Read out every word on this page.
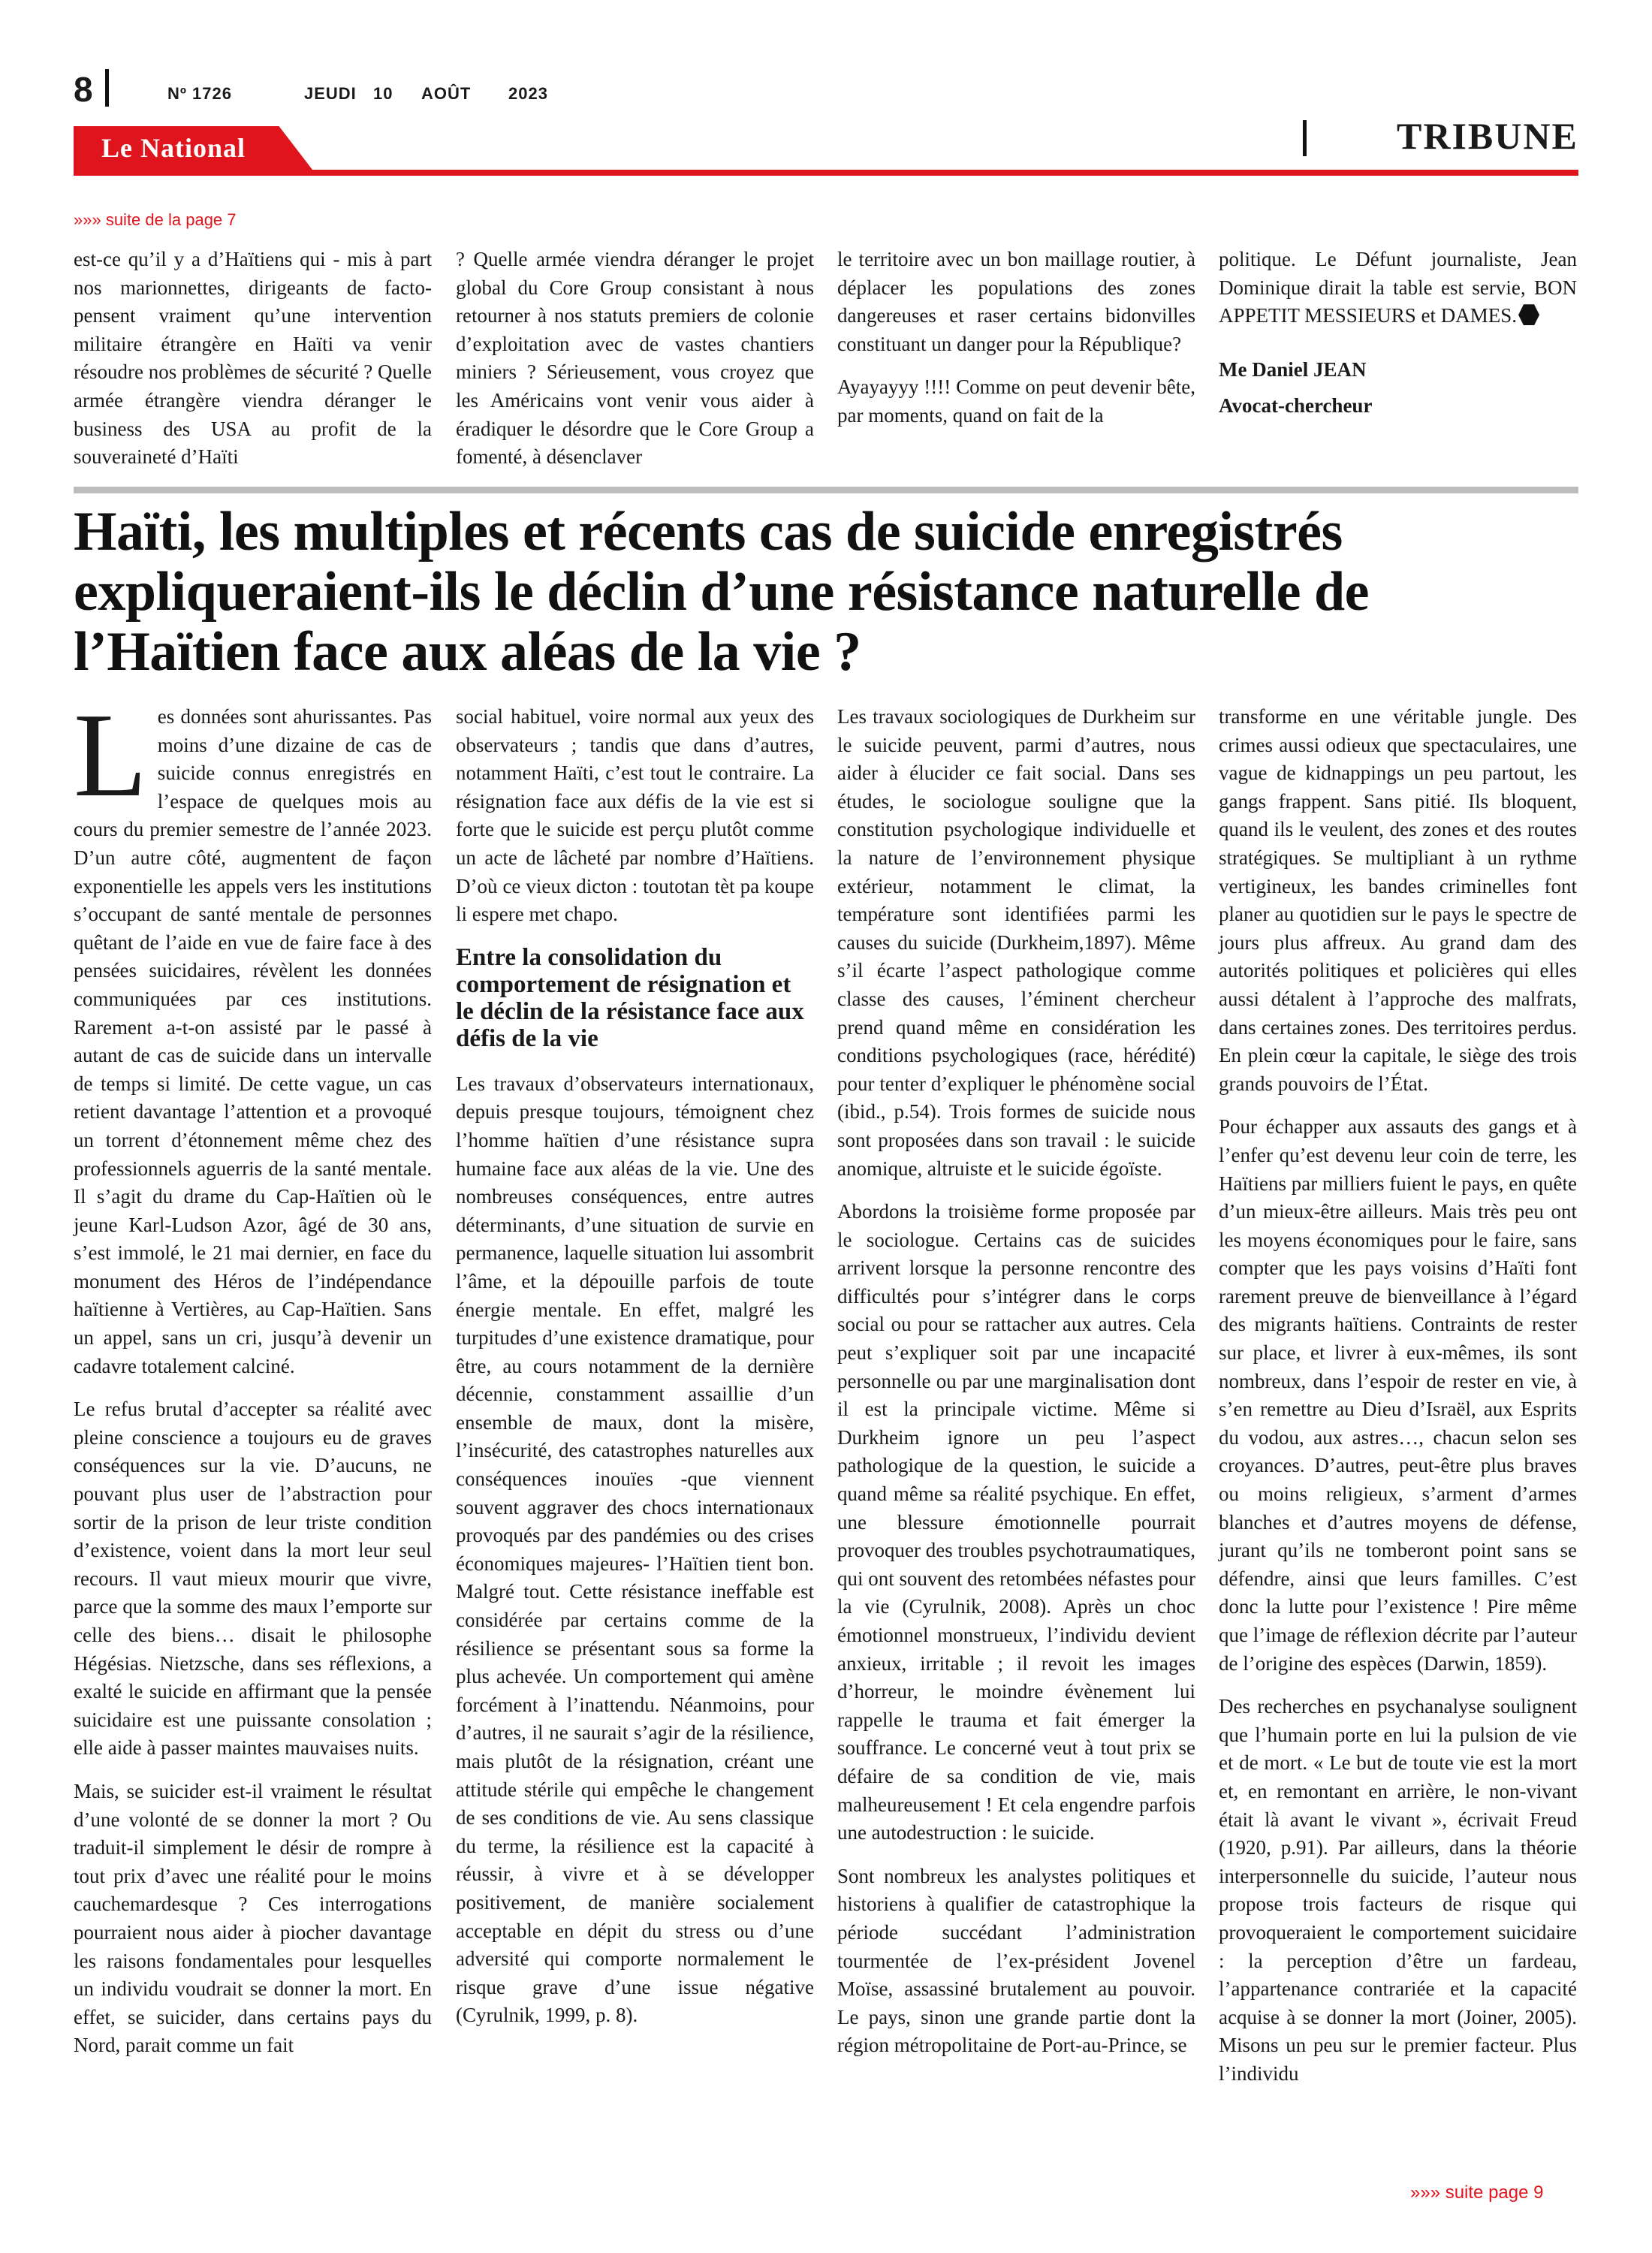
8	Nº 1726	JEUDI 10 AOÛT 2023
Le National	TRIBUNE
»»» suite de la page 7

est-ce qu’il y a d’Haïtiens qui - mis à part nos marionnettes, dirigeants de facto- pensent vraiment qu’une intervention militaire étrangère en Haïti va venir résoudre nos problèmes de sécurité ? Quelle armée étrangère viendra déranger le business des USA au profit de la souveraineté d’Haïti

? Quelle armée viendra déranger le projet global du Core Group consistant à nous retourner à nos statuts premiers de colonie d’exploitation avec de vastes chantiers miniers ? Sérieusement, vous croyez que les Américains vont venir vous aider à éradiquer le désordre que le Core Group a fomenté, à désenclaver

le territoire avec un bon maillage routier, à déplacer les populations des zones dangereuses et raser certains bidonvilles constituant un danger pour la République?

Ayayayyy !!!! Comme on peut devenir bête, par moments, quand on fait de la

politique. Le Défunt journaliste, Jean Dominique dirait la table est servie, BON APPETIT MESSIEURS et DAMES.

Me Daniel JEAN
Avocat-chercheur
Haïti, les multiples et récents cas de suicide enregistrés expliqueraient-ils le déclin d’une résistance naturelle de l’Haïtien face aux aléas de la vie ?

Les données sont ahurissantes. Pas moins d’une dizaine de cas de suicide connus enregistrés en l’espace de quelques mois au cours du premier semestre de l’année 2023. D’un autre côté, augmentent de façon exponentielle les appels vers les institutions s’occupant de santé mentale de personnes quêtant de l’aide en vue de faire face à des pensées suicidaires, révèlent les données communiquées par ces institutions. Rarement a-t-on assisté par le passé à autant de cas de suicide dans un intervalle de temps si limité. De cette vague, un cas retient davantage l’attention et a provoqué un torrent d’étonnement même chez des professionnels aguerris de la santé mentale. Il s’agit du drame du Cap-Haïtien où le jeune Karl-Ludson Azor, âgé de 30 ans, s’est immolé, le 21 mai dernier, en face du monument des Héros de l’indépendance haïtienne à Vertières, au Cap-Haïtien. Sans un appel, sans un cri, jusqu’à devenir un cadavre totalement calciné.

Le refus brutal d’accepter sa réalité avec pleine conscience a toujours eu de graves conséquences sur la vie. D’aucuns, ne pouvant plus user de l’abstraction pour sortir de la prison de leur triste condition d’existence, voient dans la mort leur seul recours. Il vaut mieux mourir que vivre, parce que la somme des maux l’emporte sur celle des biens… disait le philosophe Hégésias. Nietzsche, dans ses réflexions, a exalté le suicide en affirmant que la pensée suicidaire est une puissante consolation ; elle aide à passer maintes mauvaises nuits.

Mais, se suicider est-il vraiment le résultat d’une volonté de se donner la mort ? Ou traduit-il simplement le désir de rompre à tout prix d’avec une réalité pour le moins cauchemardesque ? Ces interrogations pourraient nous aider à piocher davantage les raisons fondamentales pour lesquelles un individu voudrait se donner la mort. En effet, se suicider, dans certains pays du Nord, parait comme un fait

social habituel, voire normal aux yeux des observateurs ; tandis que dans d’autres, notamment Haïti, c’est tout le contraire. La résignation face aux défis de la vie est si forte que le suicide est perçu plutôt comme un acte de lâcheté par nombre d’Haïtiens. D’où ce vieux dicton : toutotan tèt pa koupe li espere met chapo.

Entre la consolidation du comportement de résignation et le déclin de la résistance face aux défis de la vie

Les travaux d’observateurs internationaux, depuis presque toujours, témoignent chez l’homme haïtien d’une résistance supra humaine face aux aléas de la vie. Une des nombreuses conséquences, entre autres déterminants, d’une situation de survie en permanence, laquelle situation lui assombrit l’âme, et la dépouille parfois de toute énergie mentale. En effet, malgré les turpitudes d’une existence dramatique, pour être, au cours notamment de la dernière décennie, constamment assaillie d’un ensemble de maux, dont la misère, l’insécurité, des catastrophes naturelles aux conséquences inouïes -que viennent souvent aggraver des chocs internationaux provoqués par des pandémies ou des crises économiques majeures- l’Haïtien tient bon. Malgré tout. Cette résistance ineffable est considérée par certains comme de la résilience se présentant sous sa forme la plus achevée. Un comportement qui amène forcément à l’inattendu. Néanmoins, pour d’autres, il ne saurait s’agir de la résilience, mais plutôt de la résignation, créant une attitude stérile qui empêche le changement de ses conditions de vie. Au sens classique du terme, la résilience est la capacité à réussir, à vivre et à se développer positivement, de manière socialement acceptable en dépit du stress ou d’une adversité qui comporte normalement le risque grave d’une issue négative (Cyrulnik, 1999, p. 8).

Les travaux sociologiques de Durkheim sur le suicide peuvent, parmi d’autres, nous aider à élucider ce fait social. Dans ses études, le sociologue souligne que la constitution psychologique individuelle et la nature de l’environnement physique extérieur, notamment le climat, la température sont identifiées parmi les causes du suicide (Durkheim,1897). Même s’il écarte l’aspect pathologique comme classe des causes, l’éminent chercheur prend quand même en considération les conditions psychologiques (race, hérédité) pour tenter d’expliquer le phénomène social (ibid., p.54). Trois formes de suicide nous sont proposées dans son travail : le suicide anomique, altruiste et le suicide égoïste.

Abordons la troisième forme proposée par le sociologue. Certains cas de suicides arrivent lorsque la personne rencontre des difficultés pour s’intégrer dans le corps social ou pour se rattacher aux autres. Cela peut s’expliquer soit par une incapacité personnelle ou par une marginalisation dont il est la principale victime. Même si Durkheim ignore un peu l’aspect pathologique de la question, le suicide a quand même sa réalité psychique. En effet, une blessure émotionnelle pourrait provoquer des troubles psychotraumatiques, qui ont souvent des retombées néfastes pour la vie (Cyrulnik, 2008). Après un choc émotionnel monstrueux, l’individu devient anxieux, irritable ; il revoit les images d’horreur, le moindre évènement lui rappelle le trauma et fait émerger la souffrance. Le concerné veut à tout prix se défaire de sa condition de vie, mais malheureusement ! Et cela engendre parfois une autodestruction : le suicide.

Sont nombreux les analystes politiques et historiens à qualifier de catastrophique la période succédant l’administration tourmentée de l’ex-président Jovenel Moïse, assassiné brutalement au pouvoir. Le pays, sinon une grande partie dont la région métropolitaine de Port-au-Prince, se

transforme en une véritable jungle. Des crimes aussi odieux que spectaculaires, une vague de kidnappings un peu partout, les gangs frappent. Sans pitié. Ils bloquent, quand ils le veulent, des zones et des routes stratégiques. Se multipliant à un rythme vertigineux, les bandes criminelles font planer au quotidien sur le pays le spectre de jours plus affreux. Au grand dam des autorités politiques et policières qui elles aussi détalent à l’approche des malfrats, dans certaines zones. Des territoires perdus. En plein cœur la capitale, le siège des trois grands pouvoirs de l’État.

Pour échapper aux assauts des gangs et à l’enfer qu’est devenu leur coin de terre, les Haïtiens par milliers fuient le pays, en quête d’un mieux-être ailleurs. Mais très peu ont les moyens économiques pour le faire, sans compter que les pays voisins d’Haïti font rarement preuve de bienveillance à l’égard des migrants haïtiens. Contraints de rester sur place, et livrer à eux-mêmes, ils sont nombreux, dans l’espoir de rester en vie, à s’en remettre au Dieu d’Israël, aux Esprits du vodou, aux astres…, chacun selon ses croyances. D’autres, peut-être plus braves ou moins religieux, s’arment d’armes blanches et d’autres moyens de défense, jurant qu’ils ne tomberont point sans se défendre, ainsi que leurs familles. C’est donc la lutte pour l’existence ! Pire même que l’image de réflexion décrite par l’auteur de l’origine des espèces (Darwin, 1859).

Des recherches en psychanalyse soulignent que l’humain porte en lui la pulsion de vie et de mort. « Le but de toute vie est la mort et, en remontant en arrière, le non-vivant était là avant le vivant », écrivait Freud (1920, p.91). Par ailleurs, dans la théorie interpersonnelle du suicide, l’auteur nous propose trois facteurs de risque qui provoqueraient le comportement suicidaire : la perception d’être un fardeau, l’appartenance contrariée et la capacité acquise à se donner la mort (Joiner, 2005). Misons un peu sur le premier facteur. Plus l’individu

»»» suite page 9
